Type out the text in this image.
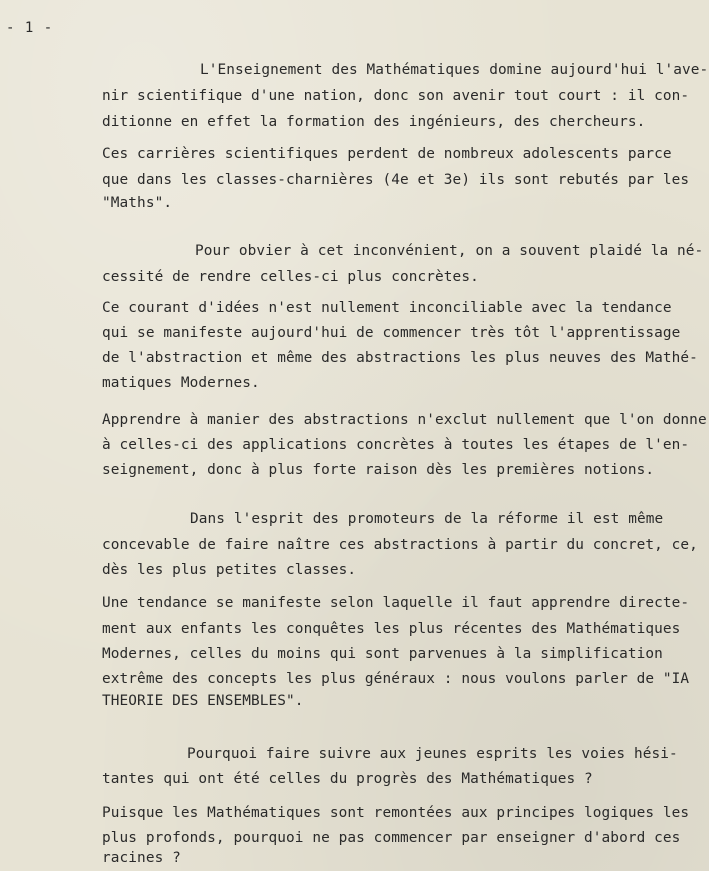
- 1 -
L'Enseignement des Mathématiques domine aujourd'hui l'ave-
nir scientifique d'une nation, donc son avenir tout court : il con-
ditionne en effet la formation des ingénieurs, des chercheurs.
Ces carrières scientifiques perdent de nombreux adolescents parce
que dans les classes-charnières (4e et 3e) ils sont rebutés par les
"Maths".
Pour obvier à cet inconvénient, on a souvent plaidé la né-
cessité de rendre celles-ci plus concrètes.
Ce courant d'idées n'est nullement inconciliable avec la tendance
qui se manifeste aujourd'hui de commencer très tôt l'apprentissage
de l'abstraction et même des abstractions les plus neuves des Mathé-
matiques Modernes.
Apprendre à manier des abstractions n'exclut nullement que l'on donne
à celles-ci des applications concrètes à toutes les étapes de l'en-
seignement, donc à plus forte raison dès les premières notions.
Dans l'esprit des promoteurs de la réforme il est même
concevable de faire naître ces abstractions à partir du concret, ce,
dès les plus petites classes.
Une tendance se manifeste selon laquelle il faut apprendre directe-
ment aux enfants les conquêtes les plus récentes des Mathématiques
Modernes, celles du moins qui sont parvenues à la simplification
extrême des concepts les plus généraux : nous voulons parler de "IA
THEORIE DES ENSEMBLES".
Pourquoi faire suivre aux jeunes esprits les voies hési-
tantes qui ont été celles du progrès des Mathématiques ?
Puisque les Mathématiques sont remontées aux principes logiques les
plus profonds, pourquoi ne pas commencer par enseigner d'abord ces
racines ?
